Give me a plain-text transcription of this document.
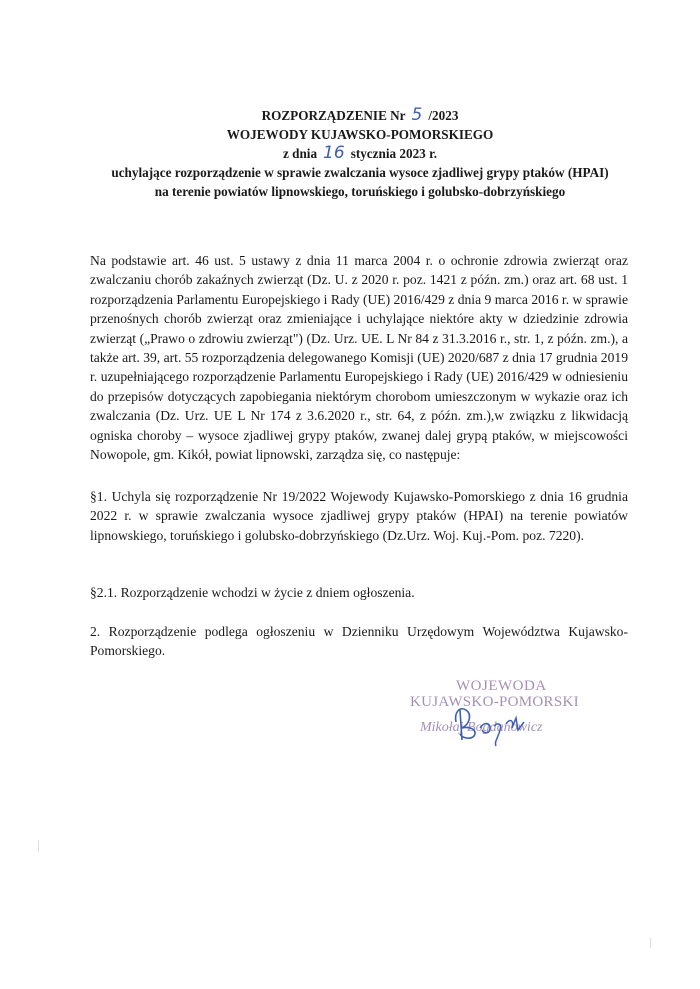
ROZPORZĄDZENIE Nr 5 /2023
WOJEWODY KUJAWSKO-POMORSKIEGO
z dnia 16 stycznia 2023 r.
uchylające rozporządzenie w sprawie zwalczania wysoce zjadliwej grypy ptaków (HPAI)
na terenie powiatów lipnowskiego, toruńskiego i golubsko-dobrzyńskiego
Na podstawie art. 46 ust. 5 ustawy z dnia 11 marca 2004 r. o ochronie zdrowia zwierząt oraz zwalczaniu chorób zakaźnych zwierząt (Dz. U. z 2020 r. poz. 1421 z późn. zm.) oraz art. 68 ust. 1 rozporządzenia Parlamentu Europejskiego i Rady (UE) 2016/429 z dnia 9 marca 2016 r. w sprawie przenośnych chorób zwierząt oraz zmieniające i uchylające niektóre akty w dziedzinie zdrowia zwierząt („Prawo o zdrowiu zwierząt") (Dz. Urz. UE. L Nr 84 z 31.3.2016 r., str. 1, z późn. zm.), a także art. 39, art. 55 rozporządzenia delegowanego Komisji (UE) 2020/687 z dnia 17 grudnia 2019 r. uzupełniającego rozporządzenie Parlamentu Europejskiego i Rady (UE) 2016/429 w odniesieniu do przepisów dotyczących zapobiegania niektórym chorobom umieszczonym w wykazie oraz ich zwalczania (Dz. Urz. UE L Nr 174 z 3.6.2020 r., str. 64, z późn. zm.),w związku z likwidacją ogniska choroby – wysoce zjadliwej grypy ptaków, zwanej dalej grypą ptaków, w miejscowości Nowopole, gm. Kikół, powiat lipnowski, zarządza się, co następuje:
§1. Uchyla się rozporządzenie Nr 19/2022 Wojewody Kujawsko-Pomorskiego z dnia 16 grudnia 2022 r. w sprawie zwalczania wysoce zjadliwej grypy ptaków (HPAI) na terenie powiatów lipnowskiego, toruńskiego i golubsko-dobrzyńskiego (Dz.Urz. Woj. Kuj.-Pom. poz. 7220).
§2.1. Rozporządzenie wchodzi w życie z dniem ogłoszenia.
2. Rozporządzenie podlega ogłoszeniu w Dzienniku Urzędowym Województwa Kujawsko-Pomorskiego.
WOJEWODA
KUJAWSKO-POMORSKI
Mikołaj Bogdanowicz
